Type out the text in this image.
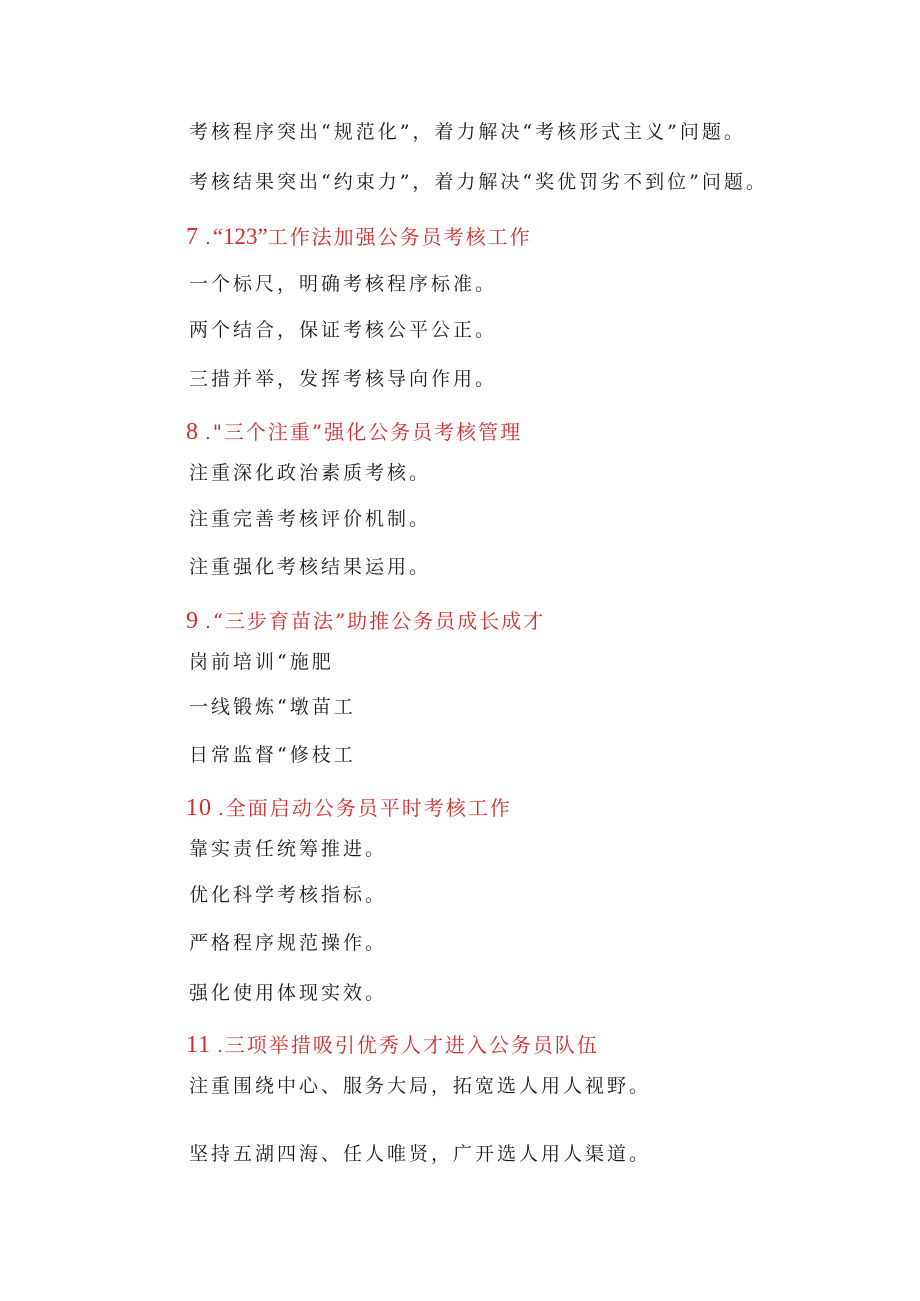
考核程序突出“规范化”，着力解决“考核形式主义”问题。
考核结果突出“约束力”，着力解决“奖优罚劣不到位”问题。
7 .“123”工作法加强公务员考核工作
一个标尺，明确考核程序标准。
两个结合，保证考核公平公正。
三措并举，发挥考核导向作用。
8 ."三个注重”强化公务员考核管理
注重深化政治素质考核。
注重完善考核评价机制。
注重强化考核结果运用。
9 .“三步育苗法”助推公务员成长成才
岗前培训“施肥
一线锻炼“墩苗工
日常监督“修枝工
10 .全面启动公务员平时考核工作
靠实责任统筹推进。
优化科学考核指标。
严格程序规范操作。
强化使用体现实效。
11 .三项举措吸引优秀人才进入公务员队伍
注重围绕中心、服务大局，拓宽选人用人视野。
坚持五湖四海、任人唯贤，广开选人用人渠道。
